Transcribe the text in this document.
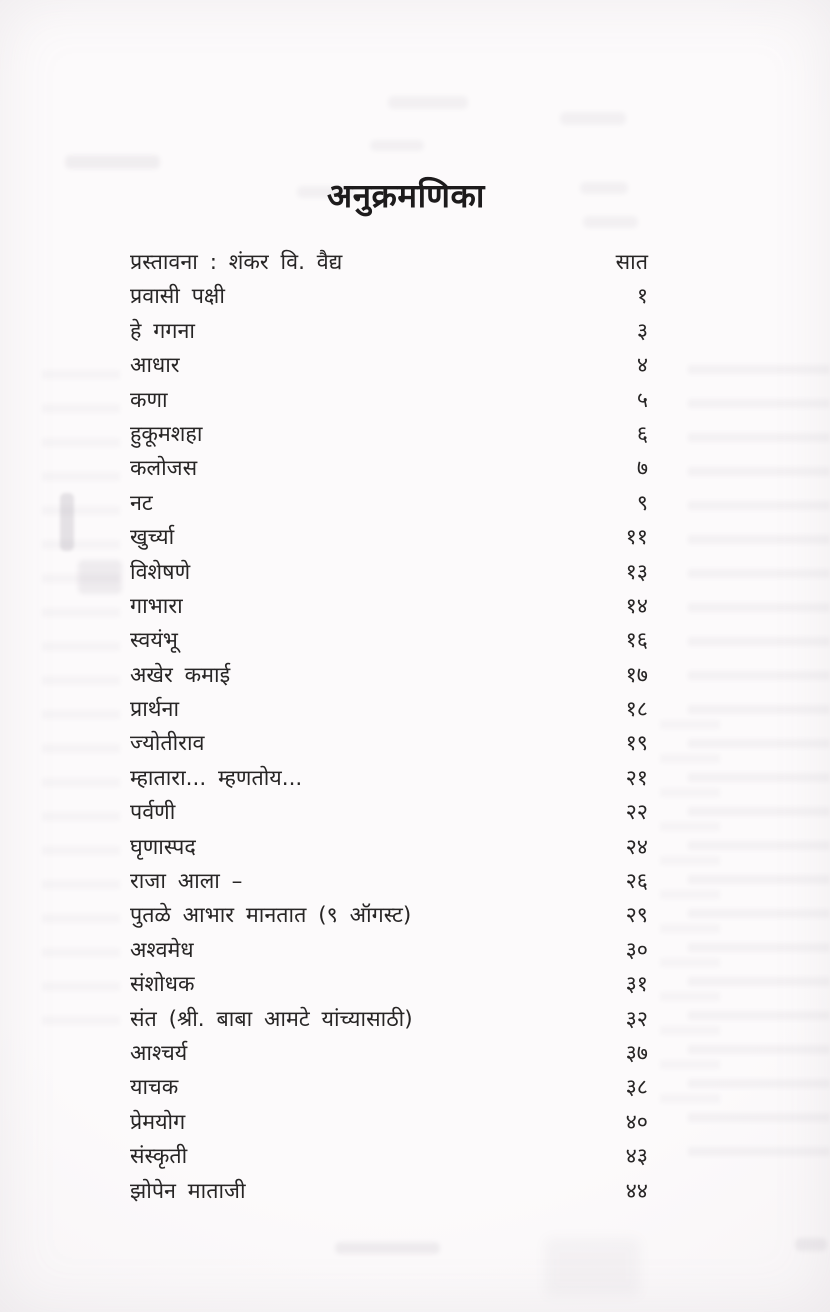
अनुक्रमणिका
प्रस्तावना : शंकर वि. वैद्य	सात
प्रवासी पक्षी	१
हे गगना	३
आधार	४
कणा	५
हुकूमशहा	६
कलोजस	७
नट	९
खुर्च्या	११
विशेषणे	१३
गाभारा	१४
स्वयंभू	१६
अखेर कमाई	१७
प्रार्थना	१८
ज्योतीराव	१९
म्हातारा... म्हणतोय...	२१
पर्वणी	२२
घृणास्पद	२४
राजा आला –	२६
पुतळे आभार मानतात (९ ऑगस्ट)	२९
अश्वमेध	३०
संशोधक	३१
संत (श्री. बाबा आमटे यांच्यासाठी)	३२
आश्चर्य	३७
याचक	३८
प्रेमयोग	४०
संस्कृती	४३
झोपेन माताजी	४४
